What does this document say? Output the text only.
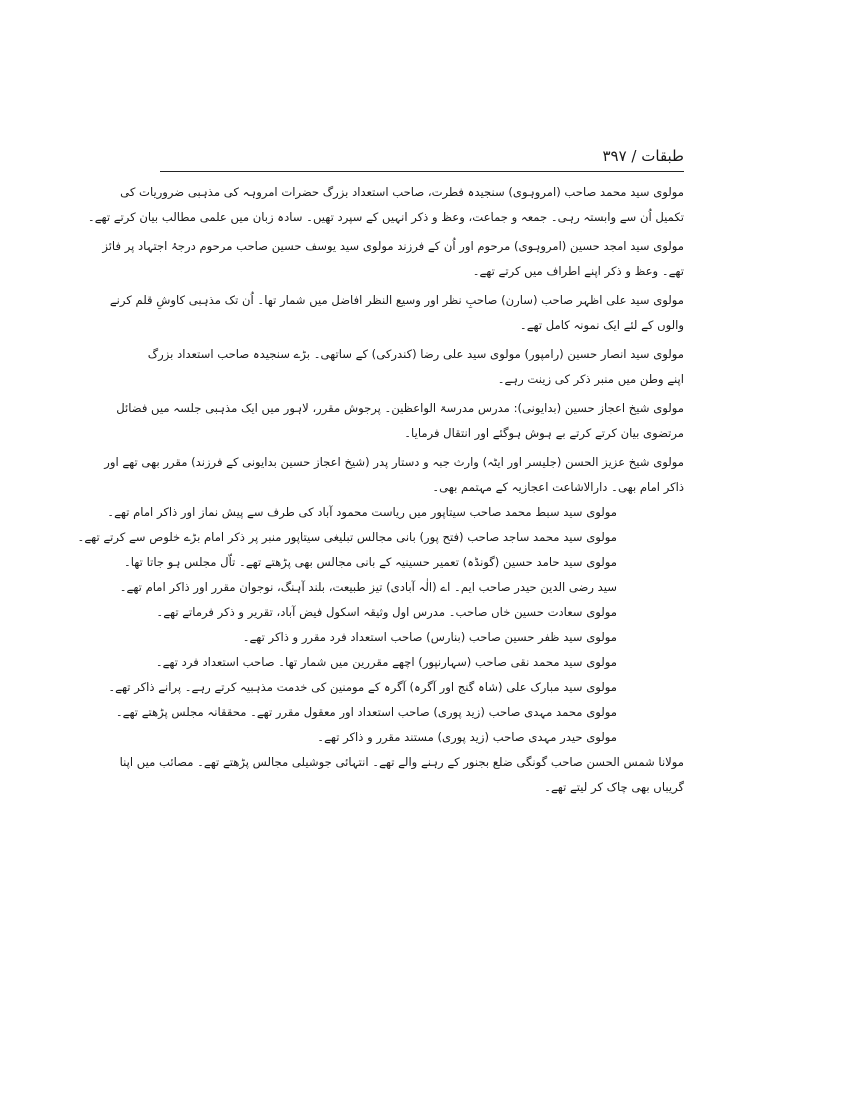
طبقات / ۳۹۷
مولوی سید محمد صاحب (امروہوی) سنجیدہ فطرت، صاحب استعداد بزرگ حضرات امروہہ کی مذہبی ضروریات کی
تکمیل اُن سے وابستہ رہی۔ جمعہ و جماعت، وعظ و ذکر انہیں کے سپرد تھیں۔ سادہ زبان میں علمی مطالب بیان کرتے تھے۔
مولوی سید امجد حسین (امروہوی) مرحوم اور اُن کے فرزند مولوی سید یوسف حسین صاحب مرحوم درجۂ اجتہاد پر فائز
تھے۔ وعظ و ذکر اپنے اطراف میں کرتے تھے۔
مولوی سید علی اظہر صاحب (سارن) صاحبِ نظر اور وسیع النظر افاضل میں شمار تھا۔ اُن تک مذہبی کاوشِ قلم کرنے
والوں کے لئے ایک نمونہ کامل تھے۔
مولوی سید انصار حسین (رامپور) مولوی سید علی رضا (کندرکی) کے ساتھی۔ بڑے سنجیدہ صاحب استعداد بزرگ
اپنے وطن میں منبر ذکر کی زینت رہے۔
مولوی شیخ اعجاز حسین (بدایونی): مدرس مدرسۃ الواعظین۔ پرجوش مقرر، لاہور میں ایک مذہبی جلسہ میں فضائل
مرتضوی بیان کرتے کرتے بے ہوش ہوگئے اور انتقال فرمایا۔
مولوی شیخ عزیز الحسن (جلیسر اور ایٹہ) وارث جبہ و دستار پدر (شیخ اعجاز حسین بدایونی کے فرزند) مقرر بھی تھے اور
ذاکر امام بھی۔ دارالاشاعت اعجازیہ کے مہتمم بھی۔
مولوی سید سبط محمد صاحب سیتاپور میں ریاست محمود آباد کی طرف سے پیش نماز اور ذاکر امام تھے۔
مولوی سید محمد ساجد صاحب (فتح پور) بانی مجالس تبلیغی سیتاپور منبر پر ذکر امام بڑے خلوص سے کرتے تھے۔
مولوی سید حامد حسین (گونڈہ) تعمیر حسینیہ کے بانی مجالس بھی پڑھتے تھے۔ تاّل مجلس ہو جاتا تھا۔
سید رضی الدین حیدر صاحب ایم۔ اے (الٰہ آبادی) تیز طبیعت، بلند آہنگ، نوجوان مقرر اور ذاکر امام تھے۔
مولوی سعادت حسین خاں صاحب۔ مدرس اول وثیقہ اسکول فیض آباد، تقریر و ذکر فرماتے تھے۔
مولوی سید ظفر حسین صاحب (بنارس) صاحب استعداد فرد مقرر و ذاکر تھے۔
مولوی سید محمد نقی صاحب (سہارنپور) اچھے مقررین میں شمار تھا۔ صاحب استعداد فرد تھے۔
مولوی سید مبارک علی (شاہ گنج اور آگرہ) آگرہ کے مومنین کی خدمت مذہبیہ کرتے رہے۔ پرانے ذاکر تھے۔
مولوی محمد مہدی صاحب (زید پوری) صاحب استعداد اور معقول مقرر تھے۔ محققانہ مجلس پڑھتے تھے۔
مولوی حیدر مہدی صاحب (زید پوری) مستند مقرر و ذاکر تھے۔
مولانا شمس الحسن صاحب گونگی ضلع بجنور کے رہنے والے تھے۔ انتہائی جوشیلی مجالس پڑھتے تھے۔ مصائب میں اپنا
گریباں بھی چاک کر لیتے تھے۔
